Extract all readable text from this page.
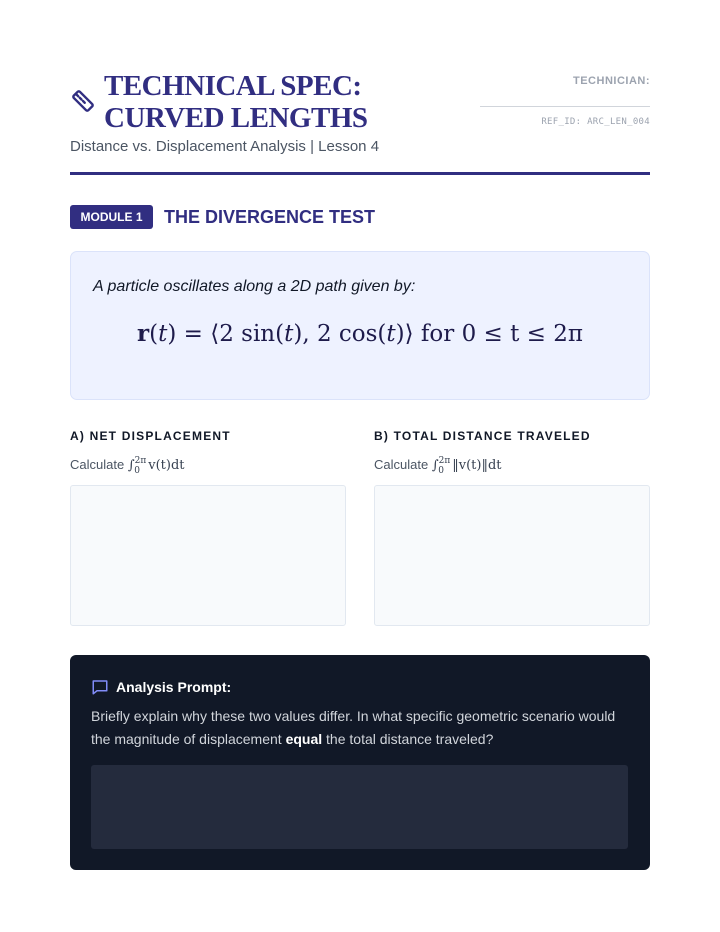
TECHNICAL SPEC: CURVED LENGTHS
Distance vs. Displacement Analysis | Lesson 4
TECHNICIAN:
REF_ID: ARC_LEN_004
MODULE 1	THE DIVERGENCE TEST
A particle oscillates along a 2D path given by:
r(t) = ⟨2 sin(t), 2 cos(t)⟩ for 0 ≤ t ≤ 2π
A) NET DISPLACEMENT
Calculate ∫$^{2\pi}_0$ v(t)dt
B) TOTAL DISTANCE TRAVELED
Calculate ∫$^{2\pi}_0$ ‖v(t)‖dt
Analysis Prompt:
Briefly explain why these two values differ. In what specific geometric scenario would the magnitude of displacement equal the total distance traveled?
